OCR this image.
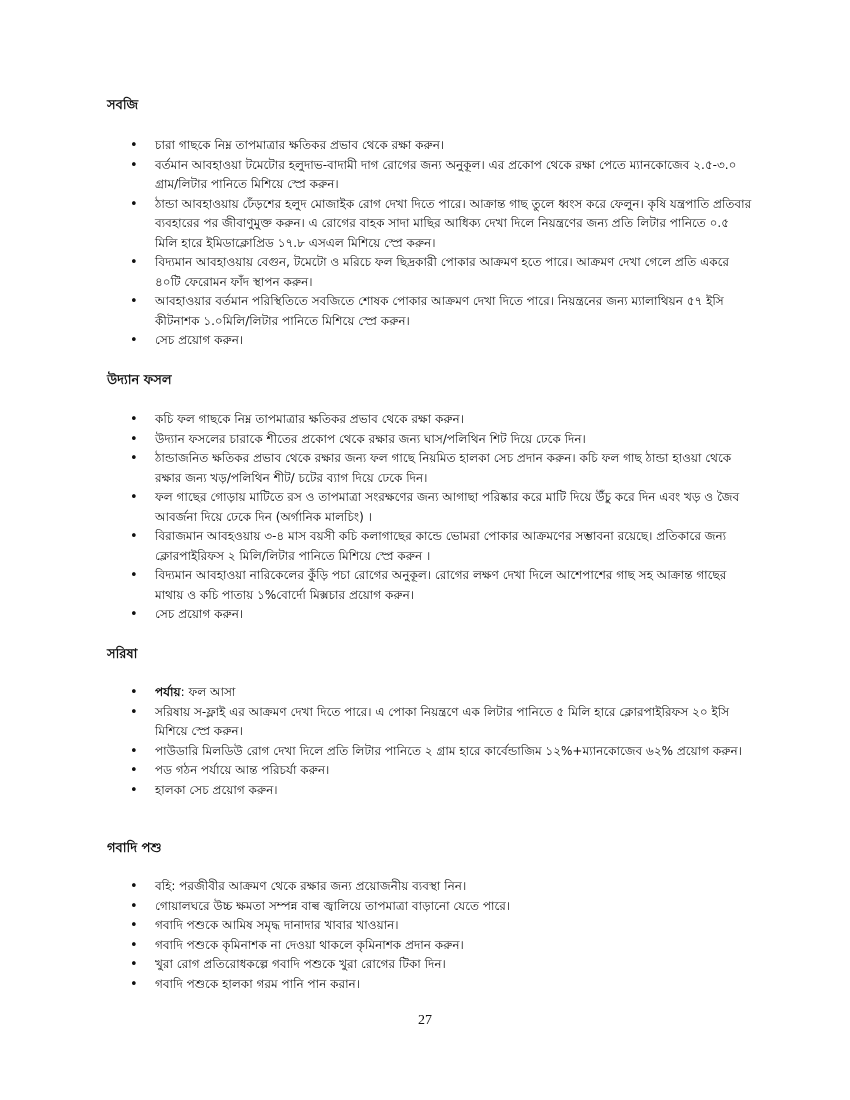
সবজি
• চারা গাছকে নিম্ন তাপমাত্রার ক্ষতিকর প্রভাব থেকে রক্ষা করুন।
• বর্তমান আবহাওয়া টমেটোর হলুদাভ-বাদামী দাগ রোগের জন্য অনুকূল। এর প্রকোপ থেকে রক্ষা পেতে ম্যানকোজেব ২.৫-৩.০ গ্রাম/লিটার পানিতে মিশিয়ে স্প্রে করুন।
• ঠান্ডা আবহাওয়ায় ঢেঁড়শের হলুদ মোজাইক রোগ দেখা দিতে পারে। আক্রান্ত গাছ তুলে ধ্বংস করে ফেলুন। কৃষি যন্ত্রপাতি প্রতিবার ব্যবহারের পর জীবাণুমুক্ত করুন। এ রোগের বাহক সাদা মাছির আধিক্য দেখা দিলে নিয়ন্ত্রণের জন্য প্রতি লিটার পানিতে ০.৫ মিলি হারে ইমিডাক্লোপ্রিড ১৭.৮ এসএল মিশিয়ে স্প্রে করুন।
• বিদ্যমান আবহাওয়ায় বেগুন, টমেটো ও মরিচে ফল ছিদ্রকারী পোকার আক্রমণ হতে পারে। আক্রমণ দেখা গেলে প্রতি একরে ৪০টি ফেরোমন ফাঁদ স্থাপন করুন।
• আবহাওয়ার বর্তমান পরিস্থিতিতে সবজিতে শোষক পোকার আক্রমণ দেখা দিতে পারে। নিয়ন্ত্রনের জন্য ম্যালাথিয়ন ৫৭ ইসি কীটনাশক ১.০মিলি/লিটার পানিতে মিশিয়ে স্প্রে করুন।
• সেচ প্রয়োগ করুন।
উদ্যান ফসল
• কচি ফল গাছকে নিম্ন তাপমাত্রার ক্ষতিকর প্রভাব থেকে রক্ষা করুন।
• উদ্যান ফসলের চারাকে শীতের প্রকোপ থেকে রক্ষার জন্য ঘাস/পলিথিন শিট দিয়ে ঢেকে দিন।
• ঠান্ডাজনিত ক্ষতিকর প্রভাব থেকে রক্ষার জন্য ফল গাছে নিয়মিত হালকা সেচ প্রদান করুন। কচি ফল গাছ ঠান্ডা হাওয়া থেকে রক্ষার জন্য খড়/পলিথিন শীট/ চটের ব্যাগ দিয়ে ঢেকে দিন।
• ফল গাছের গোড়ায় মাটিতে রস ও তাপমাত্রা সংরক্ষণের জন্য আগাছা পরিষ্কার করে মাটি দিয়ে উঁচু করে দিন এবং খড় ও জৈব আবর্জনা দিয়ে ঢেকে দিন (অর্গানিক মালচিং) ।
• বিরাজমান আবহওয়ায় ৩-৪ মাস বয়সী কচি কলাগাছের কান্ডে ভোমরা পোকার আক্রমণের সম্ভাবনা রয়েছে। প্রতিকারে জন্য ক্লোরপাইরিফস ২ মিলি/লিটার পানিতে মিশিয়ে স্প্রে করুন ।
• বিদ্যমান আবহাওয়া নারিকেলের কুঁড়ি পচা রোগের অনুকূল। রোগের লক্ষণ দেখা দিলে আশেপাশের গাছ সহ আক্রান্ত গাছের মাথায় ও কচি পাতায় ১%বোর্দো মিক্সচার প্রয়োগ করুন।
• সেচ প্রয়োগ করুন।
সরিষা
• পর্যায়: ফল আসা
• সরিষায় স-ফ্লাই এর আক্রমণ দেখা দিতে পারে। এ পোকা নিয়ন্ত্রণে এক লিটার পানিতে ৫ মিলি হারে ক্লোরপাইরিফস ২০ ইসি মিশিয়ে স্প্রে করুন।
• পাউডারি মিলডিউ রোগ দেখা দিলে প্রতি লিটার পানিতে ২ গ্রাম হারে কার্বেন্ডাজিম ১২%+ম্যানকোজেব ৬২% প্রয়োগ করুন।
• পড গঠন পর্যায়ে আন্ত পরিচর্যা করুন।
• হালকা সেচ প্রয়োগ করুন।
গবাদি পশু
• বহি: পরজীবীর আক্রমণ থেকে রক্ষার জন্য প্রয়োজনীয় ব্যবস্থা নিন।
• গোয়ালঘরে উচ্চ ক্ষমতা সম্পন্ন বাল্ব জ্বালিয়ে তাপমাত্রা বাড়ানো যেতে পারে।
• গবাদি পশুকে আমিষ সমৃদ্ধ দানাদার খাবার খাওয়ান।
• গবাদি পশুকে কৃমিনাশক না দেওয়া থাকলে কৃমিনাশক প্রদান করুন।
• খুরা রোগ প্রতিরোধকল্পে গবাদি পশুকে খুরা রোগের টিকা দিন।
• গবাদি পশুকে হালকা গরম পানি পান করান।
27
